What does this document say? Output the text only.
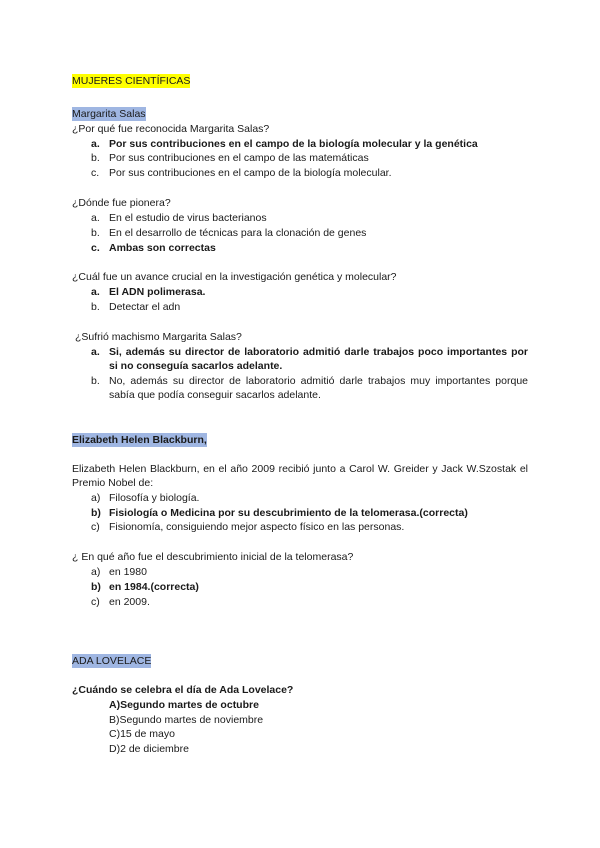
MUJERES CIENTÍFICAS
Margarita Salas
¿Por qué fue reconocida Margarita Salas?
a. Por sus contribuciones en el campo de la biología molecular y la genética
b. Por sus contribuciones en el campo de las matemáticas
c. Por sus contribuciones en el campo de la biología molecular.
¿Dónde fue pionera?
a. En el estudio de virus bacterianos
b. En el desarrollo de técnicas para la clonación de genes
c. Ambas son correctas
¿Cuál fue un avance crucial en la investigación genética y molecular?
a. El ADN polimerasa.
b. Detectar el adn
¿Sufrió machismo Margarita Salas?
a. Si, además su director de laboratorio admitió darle trabajos poco importantes por si no conseguía sacarlos adelante.
b. No, además su director de laboratorio admitió darle trabajos muy importantes porque sabía que podía conseguir sacarlos adelante.
Elizabeth Helen Blackburn,
Elizabeth Helen Blackburn, en el año 2009 recibió junto a Carol W. Greider y Jack W.Szostak el Premio Nobel de:
a) Filosofía y biología.
b) Fisiología o Medicina por su descubrimiento de la telomerasa.(correcta)
c) Fisionomía, consiguiendo mejor aspecto físico en las personas.
¿ En qué año fue el descubrimiento inicial de la telomerasa?
a) en 1980
b) en 1984.(correcta)
c) en 2009.
ADA LOVELACE
¿Cuándo se celebra el día de Ada Lovelace?
A)Segundo martes de octubre
B)Segundo martes de noviembre
C)15 de mayo
D)2 de diciembre
